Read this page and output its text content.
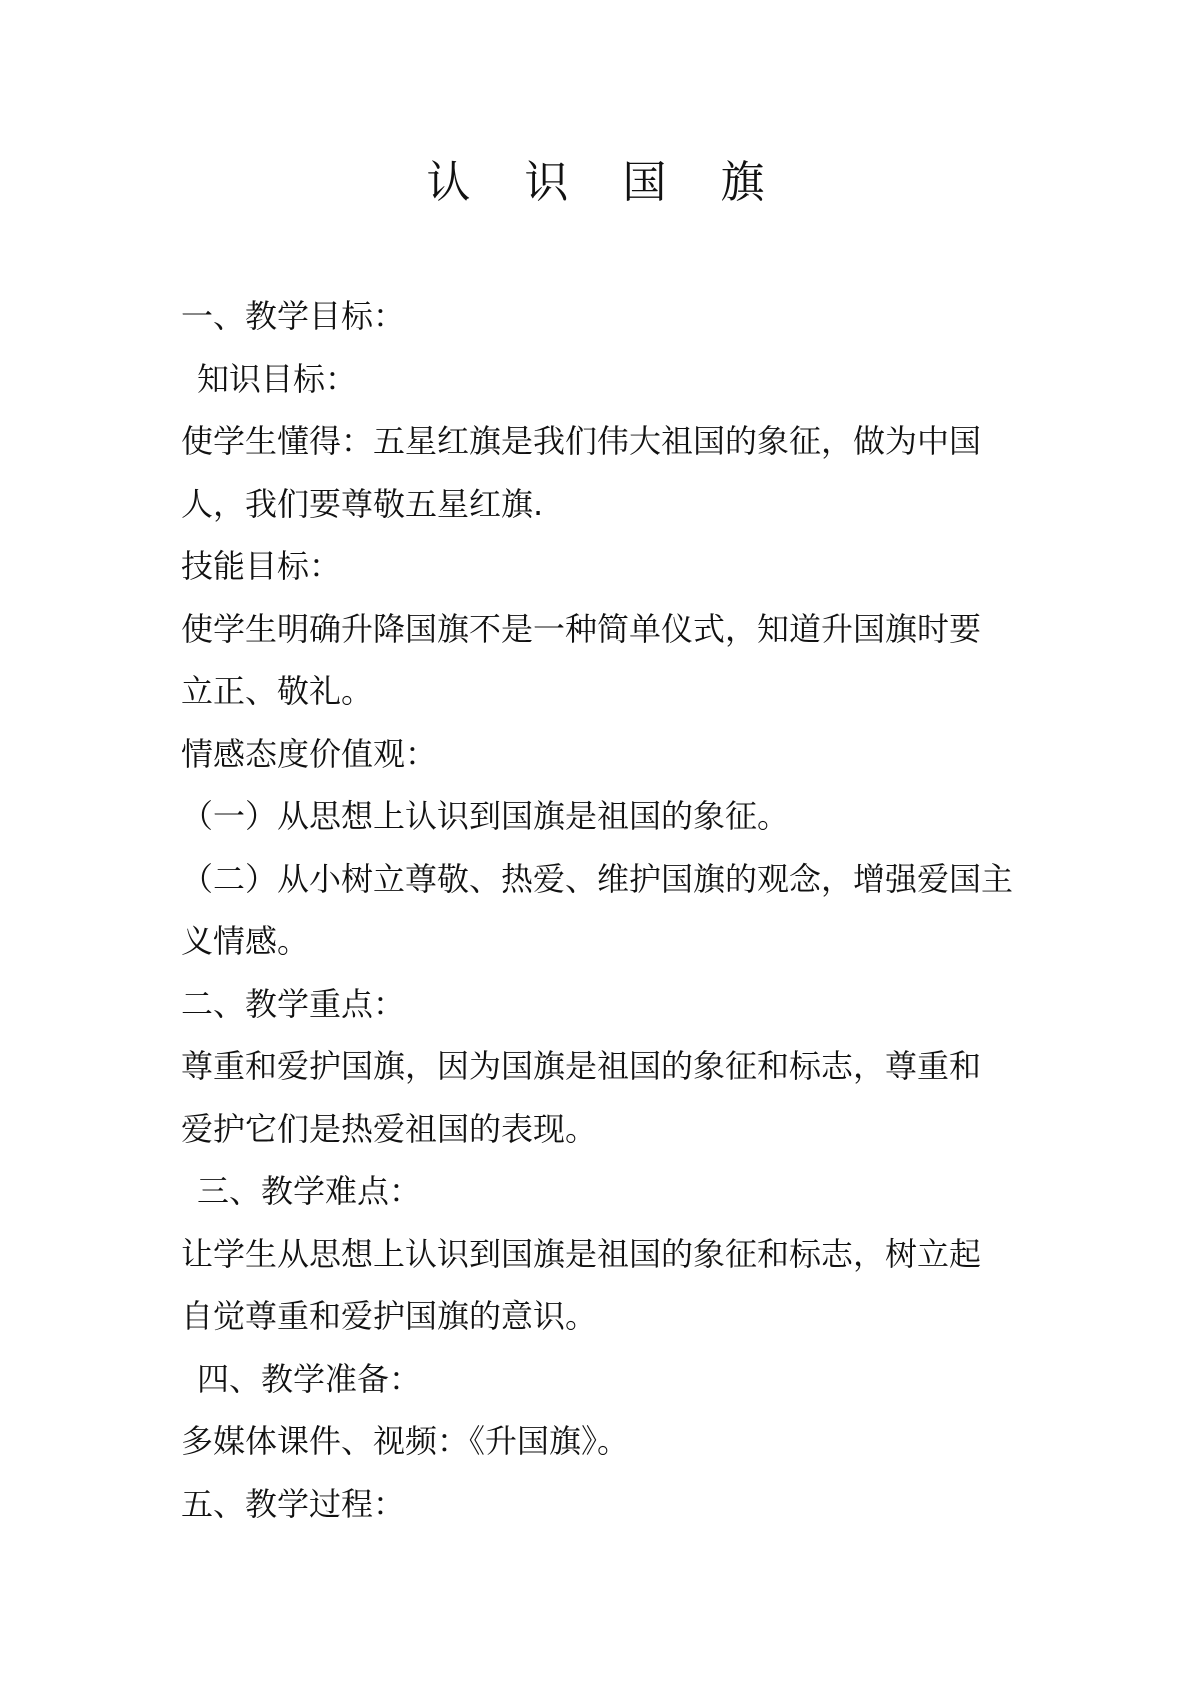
认 识 国 旗
一、教学目标：
知识目标：
使学生懂得：五星红旗是我们伟大祖国的象征，做为中国
人，我们要尊敬五星红旗.
技能目标：
使学生明确升降国旗不是一种简单仪式，知道升国旗时要
立正、敬礼。
情感态度价值观：
（一）从思想上认识到国旗是祖国的象征。
（二）从小树立尊敬、热爱、维护国旗的观念，增强爱国主
义情感。
二、教学重点：
尊重和爱护国旗，因为国旗是祖国的象征和标志，尊重和
爱护它们是热爱祖国的表现。
三、教学难点：
让学生从思想上认识到国旗是祖国的象征和标志，树立起
自觉尊重和爱护国旗的意识。
四、教学准备：
多媒体课件、视频：《升国旗》。
五、教学过程：
